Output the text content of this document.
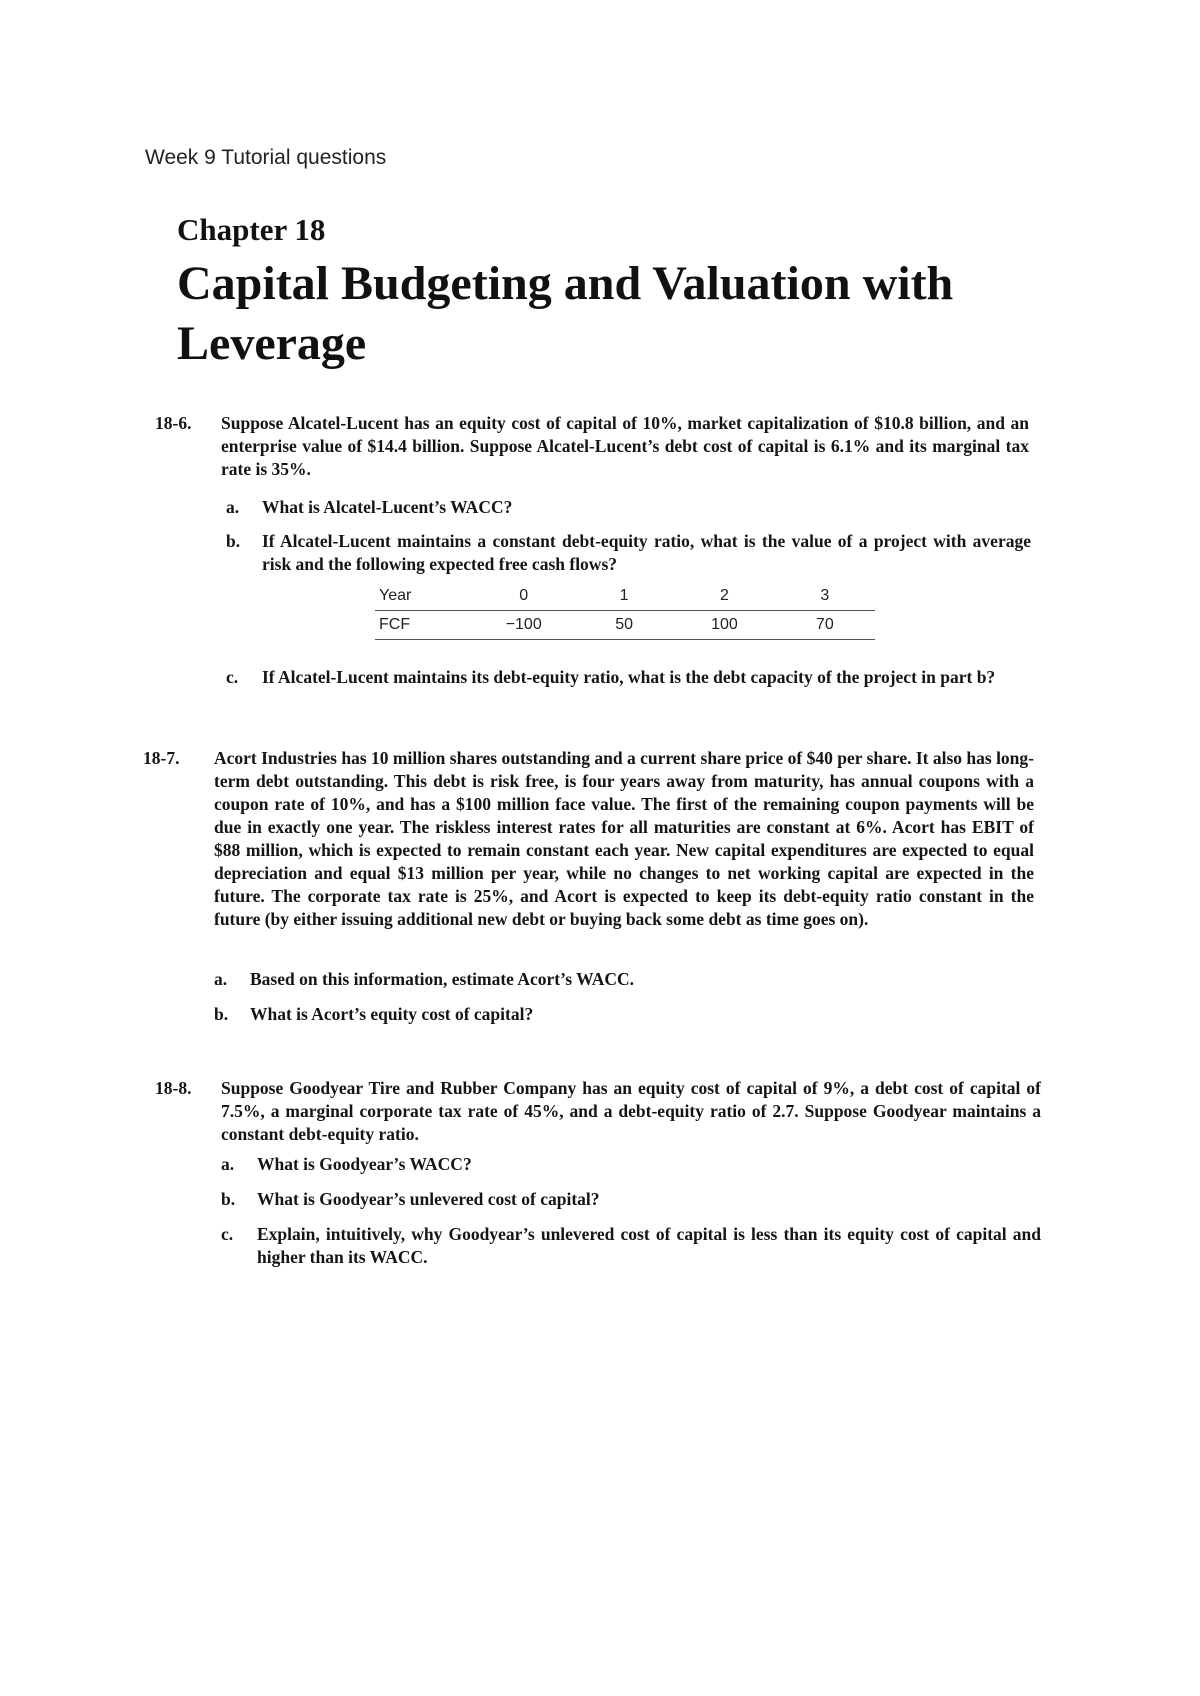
Week 9 Tutorial questions
Chapter 18
Capital Budgeting and Valuation with Leverage
18-6. Suppose Alcatel-Lucent has an equity cost of capital of 10%, market capitalization of $10.8 billion, and an enterprise value of $14.4 billion. Suppose Alcatel-Lucent’s debt cost of capital is 6.1% and its marginal tax rate is 35%.
a. What is Alcatel-Lucent’s WACC?
b. If Alcatel-Lucent maintains a constant debt-equity ratio, what is the value of a project with average risk and the following expected free cash flows?
Year	0	1	2	3
FCF	−100	50	100	70
c. If Alcatel-Lucent maintains its debt-equity ratio, what is the debt capacity of the project in part b?
18-7. Acort Industries has 10 million shares outstanding and a current share price of $40 per share. It also has long-term debt outstanding. This debt is risk free, is four years away from maturity, has annual coupons with a coupon rate of 10%, and has a $100 million face value. The first of the remaining coupon payments will be due in exactly one year. The riskless interest rates for all maturities are constant at 6%. Acort has EBIT of $88 million, which is expected to remain constant each year. New capital expenditures are expected to equal depreciation and equal $13 million per year, while no changes to net working capital are expected in the future. The corporate tax rate is 25%, and Acort is expected to keep its debt-equity ratio constant in the future (by either issuing additional new debt or buying back some debt as time goes on).
a. Based on this information, estimate Acort’s WACC.
b. What is Acort’s equity cost of capital?
18-8. Suppose Goodyear Tire and Rubber Company has an equity cost of capital of 9%, a debt cost of capital of 7.5%, a marginal corporate tax rate of 45%, and a debt-equity ratio of 2.7. Suppose Goodyear maintains a constant debt-equity ratio.
a. What is Goodyear’s WACC?
b. What is Goodyear’s unlevered cost of capital?
c. Explain, intuitively, why Goodyear’s unlevered cost of capital is less than its equity cost of capital and higher than its WACC.
